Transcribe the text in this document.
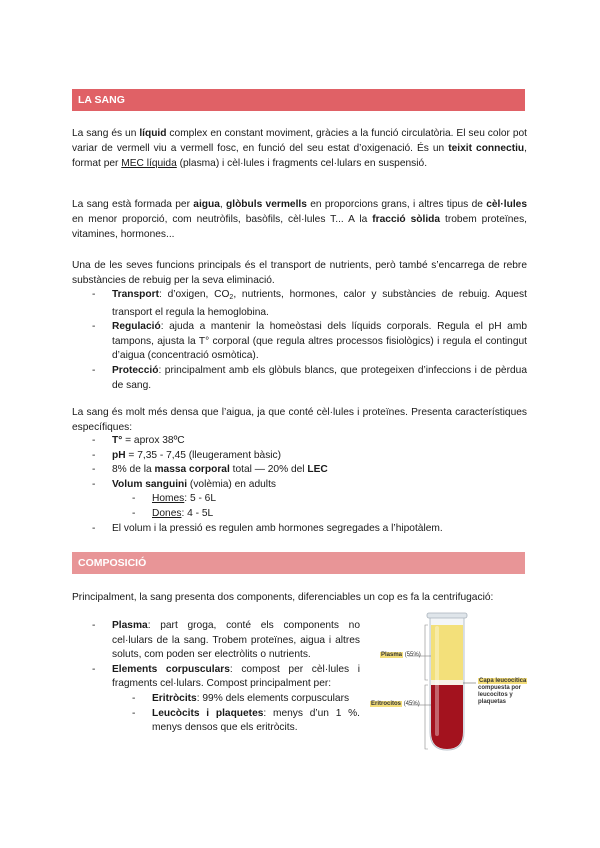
LA SANG

La sang és un líquid complex en constant moviment, gràcies a la funció circulatòria. El seu color pot variar de vermell viu a vermell fosc, en funció del seu estat d’oxigenació. És un teixit connectiu, format per MEC líquida (plasma) i cèl·lules i fragments cel·lulars en suspensió.

La sang està formada per aigua, glòbuls vermells en proporcions grans, i altres tipus de cèl·lules en menor proporció, com neutròfils, basòfils, cèl·lules T... A la fracció sòlida trobem proteïnes, vitamines, hormones...

Una de les seves funcions principals és el transport de nutrients, però també s’encarrega de rebre substàncies de rebuig per la seva eliminació.

- Transport: d’oxigen, $CO_2$, nutrients, hormones, calor y substàncies de rebuig. Aquest transport el regula la hemoglobina.
- Regulació: ajuda a mantenir la homeòstasi dels líquids corporals. Regula el pH amb tampons, ajusta la T° corporal (que regula altres processos fisiològics) i regula el contingut d’aigua (concentració osmòtica).
- Protecció: principalment amb els glòbuls blancs, que protegeixen d’infeccions i de pèrdua de sang.

La sang és molt més densa que l’aigua, ja que conté cèl·lules i proteïnes. Presenta característiques específiques:

- T° = aprox 38ºC
- pH = 7,35 - 7,45 (lleugerament bàsic)
- 8% de la massa corporal total — 20% del LEC
- Volum sanguini (volèmia) en adults
- Homes: 5 - 6L
- Dones: 4 - 5L
- El volum i la pressió es regulen amb hormones segregades a l’hipotàlem.
COMPOSICIÓ

Principalment, la sang presenta dos components, diferenciables un cop es fa la centrifugació:

- Plasma: part groga, conté els components no cel·lulars de la sang. Trobem proteïnes, aigua i altres soluts, com poden ser electròlits o nutrients.
- Elements corpusculars: compost per cèl·lules i fragments cel·lulars. Compost principalment per:
- Eritròcits: 99% dels elements corpusculars
- Leucòcits i plaquetes: menys d’un 1 %. menys densos que els eritròcits.
Plasma (55%)
Capa leucocítica
compuesta por leucocitos y plaquetas
Eritrocitos (45%)
